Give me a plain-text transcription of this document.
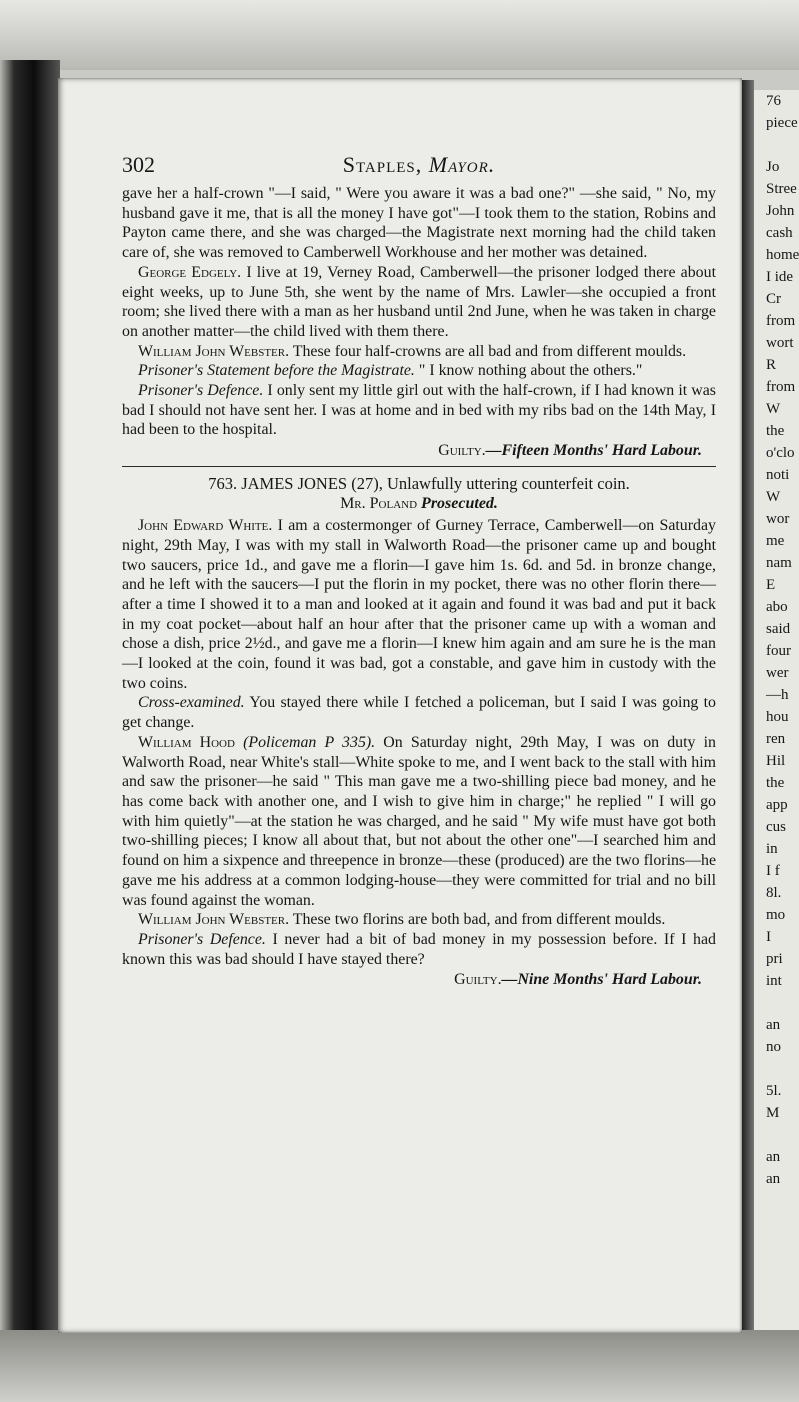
76
piece

Jo
Stree
John
cash
home
I ide
Cr
from
wort
R
from
W
the
o'clo
noti
W
wor
me
nam
E
abo
said
four
wer
—h
hou
ren
Hil
the
app
cus
in
I f
8l.
mo
I
pri
int

an
no

5l.
M

an
an
302	Staples, Mayor.

gave her a half-crown "—I said, " Were you aware it was a bad one?" —she said, " No, my husband gave it me, that is all the money I have got"—I took them to the station, Robins and Payton came there, and she was charged—the Magistrate next morning had the child taken care of, she was removed to Camberwell Workhouse and her mother was detained.

George Edgely. I live at 19, Verney Road, Camberwell—the prisoner lodged there about eight weeks, up to June 5th, she went by the name of Mrs. Lawler—she occupied a front room; she lived there with a man as her husband until 2nd June, when he was taken in charge on another matter—the child lived with them there.

William John Webster. These four half-crowns are all bad and from different moulds.

Prisoner's Statement before the Magistrate. " I know nothing about the others."

Prisoner's Defence. I only sent my little girl out with the half-crown, if I had known it was bad I should not have sent her. I was at home and in bed with my ribs bad on the 14th May, I had been to the hospital.

Guilty.—Fifteen Months' Hard Labour.
763. JAMES JONES (27), Unlawfully uttering counterfeit coin.
Mr. Poland Prosecuted.

John Edward White. I am a costermonger of Gurney Terrace, Camberwell—on Saturday night, 29th May, I was with my stall in Walworth Road—the prisoner came up and bought two saucers, price 1d., and gave me a florin—I gave him 1s. 6d. and 5d. in bronze change, and he left with the saucers—I put the florin in my pocket, there was no other florin there—after a time I showed it to a man and looked at it again and found it was bad and put it back in my coat pocket—about half an hour after that the prisoner came up with a woman and chose a dish, price 2½d., and gave me a florin—I knew him again and am sure he is the man—I looked at the coin, found it was bad, got a constable, and gave him in custody with the two coins.

Cross-examined. You stayed there while I fetched a policeman, but I said I was going to get change.

William Hood (Policeman P 335). On Saturday night, 29th May, I was on duty in Walworth Road, near White's stall—White spoke to me, and I went back to the stall with him and saw the prisoner—he said " This man gave me a two-shilling piece bad money, and he has come back with another one, and I wish to give him in charge;" he replied " I will go with him quietly"—at the station he was charged, and he said " My wife must have got both two-shilling pieces; I know all about that, but not about the other one"—I searched him and found on him a sixpence and threepence in bronze—these (produced) are the two florins—he gave me his address at a common lodging-house—they were committed for trial and no bill was found against the woman.

William John Webster. These two florins are both bad, and from different moulds.

Prisoner's Defence. I never had a bit of bad money in my possession before. If I had known this was bad should I have stayed there?

Guilty.—Nine Months' Hard Labour.
